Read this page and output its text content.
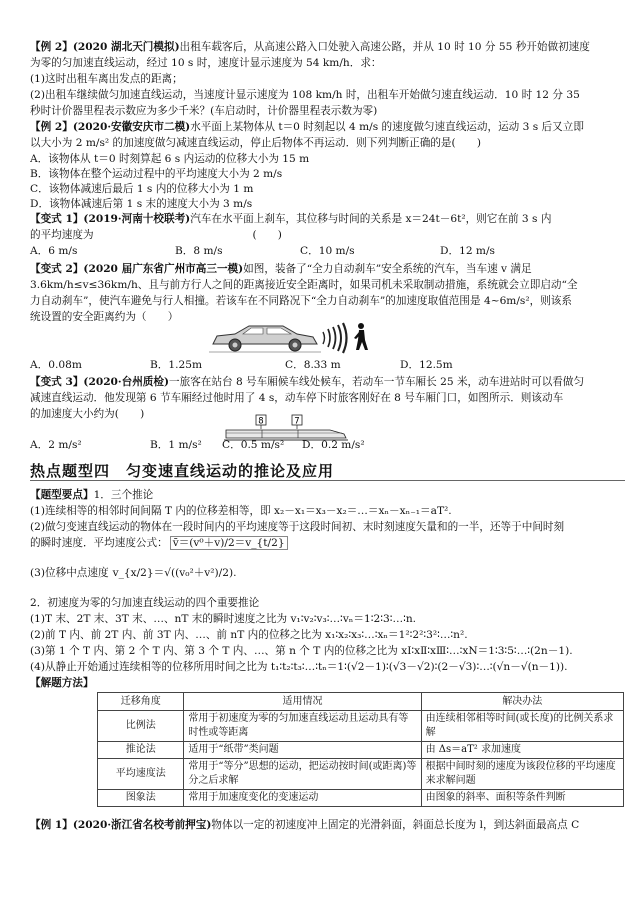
【例 2】(2020 湖北天门模拟)出租车载客后，从高速公路入口处驶入高速公路，并从 10 时 10 分 55 秒开始做初速度
为零的匀加速直线运动，经过 10 s 时，速度计显示速度为 54 km/h．求：
(1)这时出租车离出发点的距离；
(2)出租车继续做匀加速直线运动，当速度计显示速度为 108 km/h 时，出租车开始做匀速直线运动．10 时 12 分 35
秒时计价器里程表示数应为多少千米？(车启动时，计价器里程表示数为零)
【例 2】(2020·安徽安庆市二模)水平面上某物体从 t＝0 时刻起以 4 m/s 的速度做匀速直线运动，运动 3 s 后又立即
以大小为 2 m/s² 的加速度做匀减速直线运动，停止后物体不再运动．则下列判断正确的是(　　)
A．该物体从 t＝0 时刻算起 6 s 内运动的位移大小为 15 m
B．该物体在整个运动过程中的平均速度大小为 2 m/s
C．该物体减速后最后 1 s 内的位移大小为 1 m
D．该物体减速后第 1 s 末的速度大小为 3 m/s
【变式 1】(2019·河南十校联考)汽车在水平面上刹车，其位移与时间的关系是 x＝24t－6t²，则它在前 3 s 内
的平均速度为　　　　　　　　　　　　　　　(　　)
A．6 m/s	B．8 m/s	C．10 m/s	D．12 m/s
【变式 2】(2020 届广东省广州市高三一模)如图，装备了“全力自动刹车”安全系统的汽车，当车速 v 满足
3.6km/h≤v≤36km/h、且与前方行人之间的距离接近安全距离时，如果司机未采取制动措施，系统就会立即启动“全
力自动刹车”，使汽车避免与行人相撞。若该车在不同路况下“全力自动刹车”的加速度取值范围是 4~6m/s²，则该系
统设置的安全距离约为（　　）
A．0.08m	B．1.25m	C．8.33 m	D．12.5m
【变式 3】(2020·台州质检)一旅客在站台 8 号车厢候车线处候车，若动车一节车厢长 25 米，动车进站时可以看做匀
减速直线运动．他发现第 6 节车厢经过他时用了 4 s，动车停下时旅客刚好在 8 号车厢门口，如图所示．则该动车
的加速度大小约为(　　)
8	7
A．2 m/s²	B．1 m/s² C．0.5 m/s² D．0.2 m/s²
热点题型四　匀变速直线运动的推论及应用
【题型要点】1．三个推论
(1)连续相等的相邻时间间隔 T 内的位移差相等，即 x₂－x₁＝x₃－x₂＝…＝xₙ－xₙ₋₁＝aT².
(2)做匀变速直线运动的物体在一段时间内的平均速度等于这段时间初、末时刻速度矢量和的一半，还等于中间时刻
的瞬时速度．平均速度公式： v̄＝(v⁰＋v)/2＝v_{t/2}
(3)位移中点速度 v_{x/2}＝√((v₀²＋v²)/2).
2．初速度为零的匀加速直线运动的四个重要推论
(1)T 末、2T 末、3T 末、…、nT 末的瞬时速度之比为 v₁∶v₂∶v₃∶…∶vₙ＝1∶2∶3∶…∶n.
(2)前 T 内、前 2T 内、前 3T 内、…、前 nT 内的位移之比为 x₁∶x₂∶x₃∶…∶xₙ＝1²∶2²∶3²∶…∶n².
(3)第 1 个 T 内、第 2 个 T 内、第 3 个 T 内、…、第 n 个 T 内的位移之比为 xⅠ∶xⅡ∶xⅢ∶…∶xN＝1∶3∶5∶…∶(2n－1).
(4)从静止开始通过连续相等的位移所用时间之比为 t₁∶t₂∶t₃∶…∶tₙ＝1∶(√2－1)∶(√3－√2)∶(2－√3)∶…∶(√n－√(n－1)).
【解题方法】
迁移角度	适用情况	解决办法
比例法	常用于初速度为零的匀加速直线运动且运动具有等时性或等距离	由连续相邻相等时间(或长度)的比例关系求解
推论法	适用于“纸带”类问题	由 Δs＝aT² 求加速度
平均速度法	常用于“等分”思想的运动，把运动按时间(或距离)等分之后求解	根据中间时刻的速度为该段位移的平均速度来求解问题
图象法	常用于加速度变化的变速运动	由图象的斜率、面积等条件判断
【例 1】(2020·浙江省名校考前押宝)物体以一定的初速度冲上固定的光滑斜面，斜面总长度为 l，到达斜面最高点 C
